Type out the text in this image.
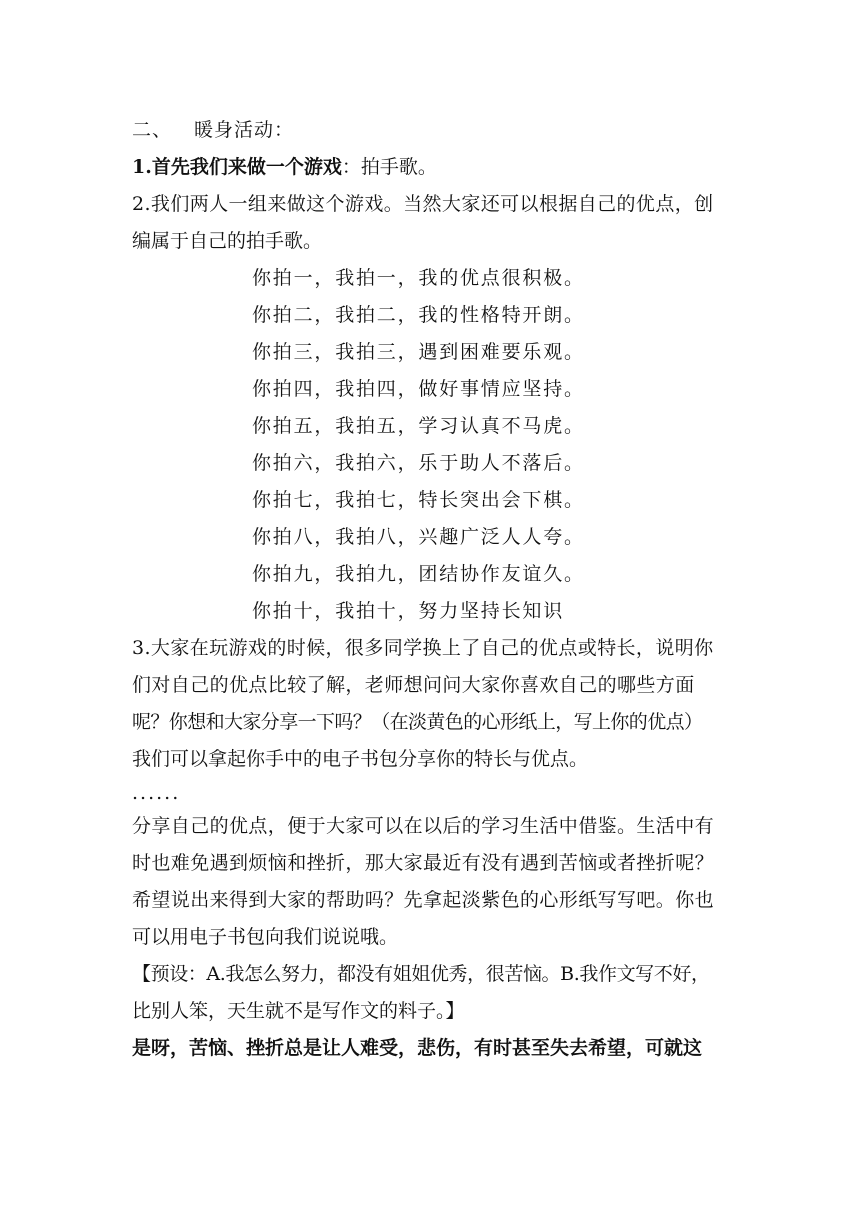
二、 暖身活动：
1.首先我们来做一个游戏：拍手歌。
2.我们两人一组来做这个游戏。当然大家还可以根据自己的优点，创
编属于自己的拍手歌。
你拍一，我拍一，我的优点很积极。
你拍二，我拍二，我的性格特开朗。
你拍三，我拍三，遇到困难要乐观。
你拍四，我拍四，做好事情应坚持。
你拍五，我拍五，学习认真不马虎。
你拍六，我拍六，乐于助人不落后。
你拍七，我拍七，特长突出会下棋。
你拍八，我拍八，兴趣广泛人人夸。
你拍九，我拍九，团结协作友谊久。
你拍十，我拍十，努力坚持长知识
3.大家在玩游戏的时候，很多同学换上了自己的优点或特长，说明你
们对自己的优点比较了解，老师想问问大家你喜欢自己的哪些方面
呢？你想和大家分享一下吗？（在淡黄色的心形纸上，写上你的优点）
我们可以拿起你手中的电子书包分享你的特长与优点。
......
分享自己的优点，便于大家可以在以后的学习生活中借鉴。生活中有
时也难免遇到烦恼和挫折，那大家最近有没有遇到苦恼或者挫折呢？
希望说出来得到大家的帮助吗？先拿起淡紫色的心形纸写写吧。你也
可以用电子书包向我们说说哦。
【预设：A.我怎么努力，都没有姐姐优秀，很苦恼。B.我作文写不好，
比别人笨，天生就不是写作文的料子。】
是呀，苦恼、挫折总是让人难受，悲伤，有时甚至失去希望，可就这
